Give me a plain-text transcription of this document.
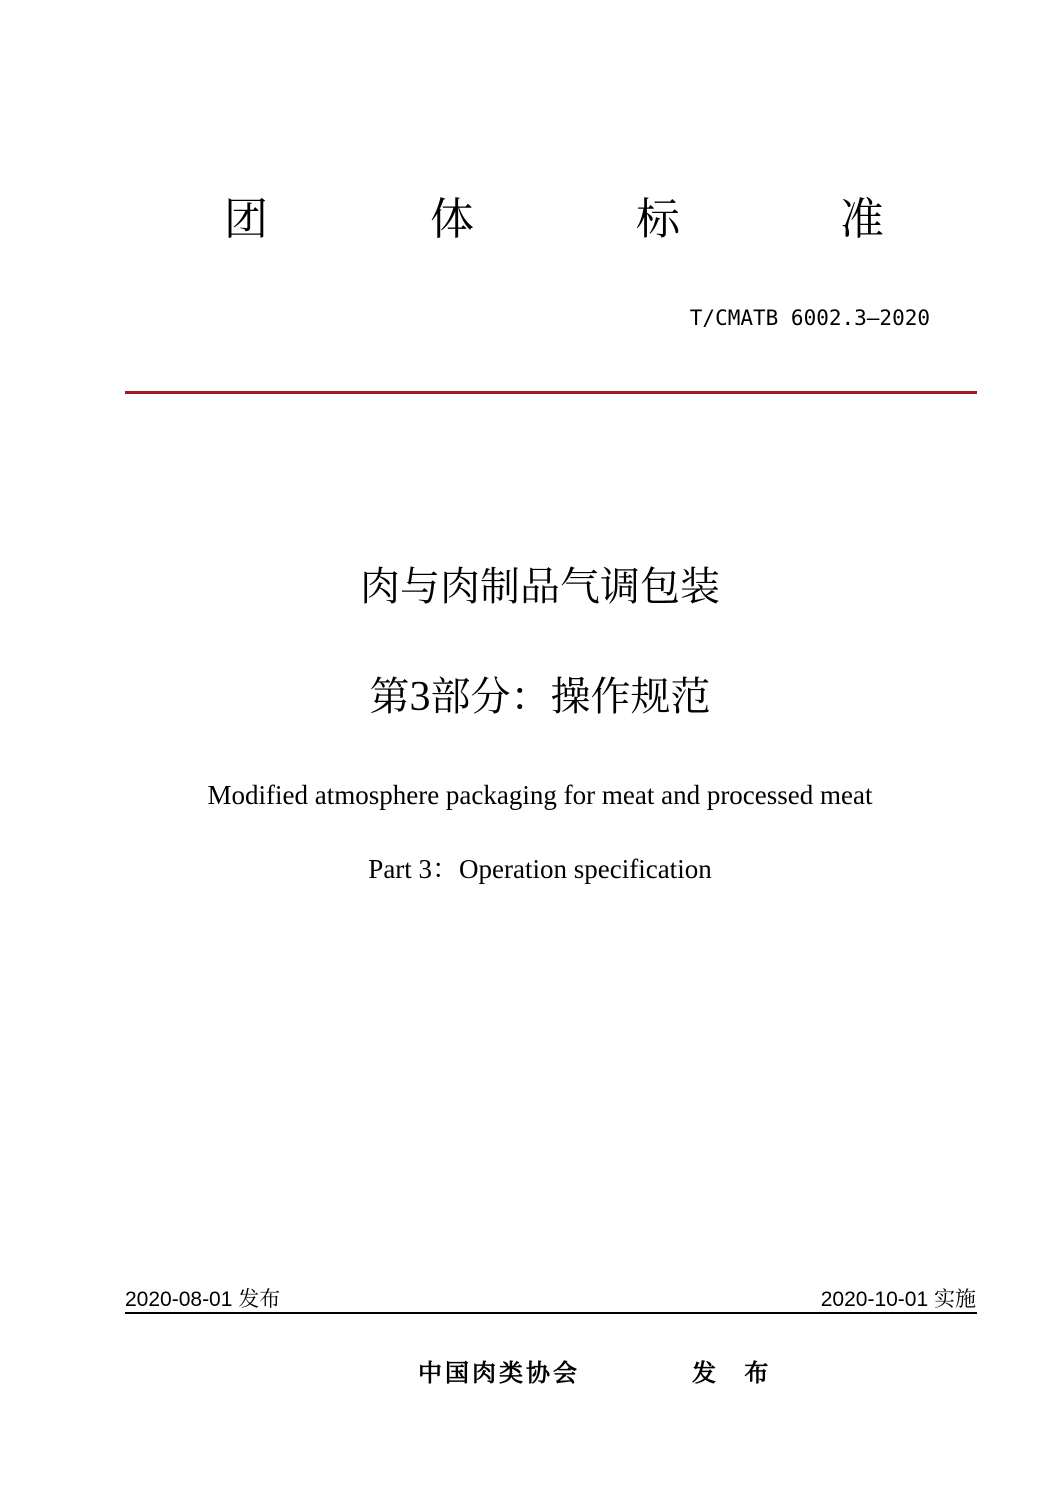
团	体	标	准
T/CMATB 6002.3—2020
肉与肉制品气调包装
第3部分：操作规范
Modified atmosphere packaging for meat and processed meat
Part 3：Operation specification
2020-08-01 发布	2020-10-01 实施
中国肉类协会	发 布
